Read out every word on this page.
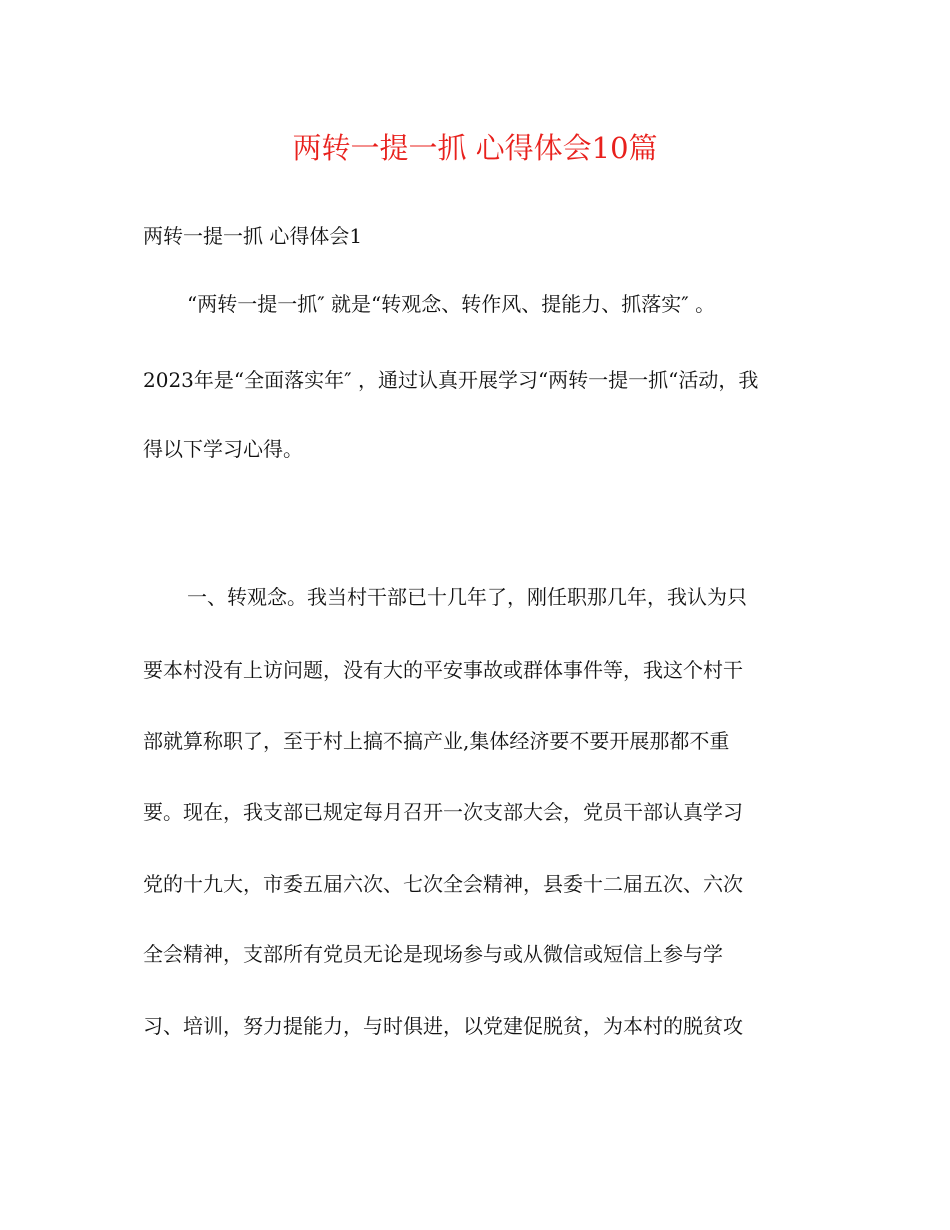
两转一提一抓 心得体会10篇
两转一提一抓 心得体会1
“两转一提一抓″ 就是“转观念、转作风、提能力、抓落实″ 。
2023年是“全面落实年″ ，通过认真开展学习“两转一提一抓“活动，我
得以下学习心得。
一、转观念。我当村干部已十几年了，刚任职那几年，我认为只
要本村没有上访问题，没有大的平安事故或群体事件等，我这个村干
部就算称职了，至于村上搞不搞产业,集体经济要不要开展那都不重
要。现在，我支部已规定每月召开一次支部大会，党员干部认真学习
党的十九大，市委五届六次、七次全会精神，县委十二届五次、六次
全会精神，支部所有党员无论是现场参与或从微信或短信上参与学
习、培训，努力提能力，与时俱进，以党建促脱贫，为本村的脱贫攻
